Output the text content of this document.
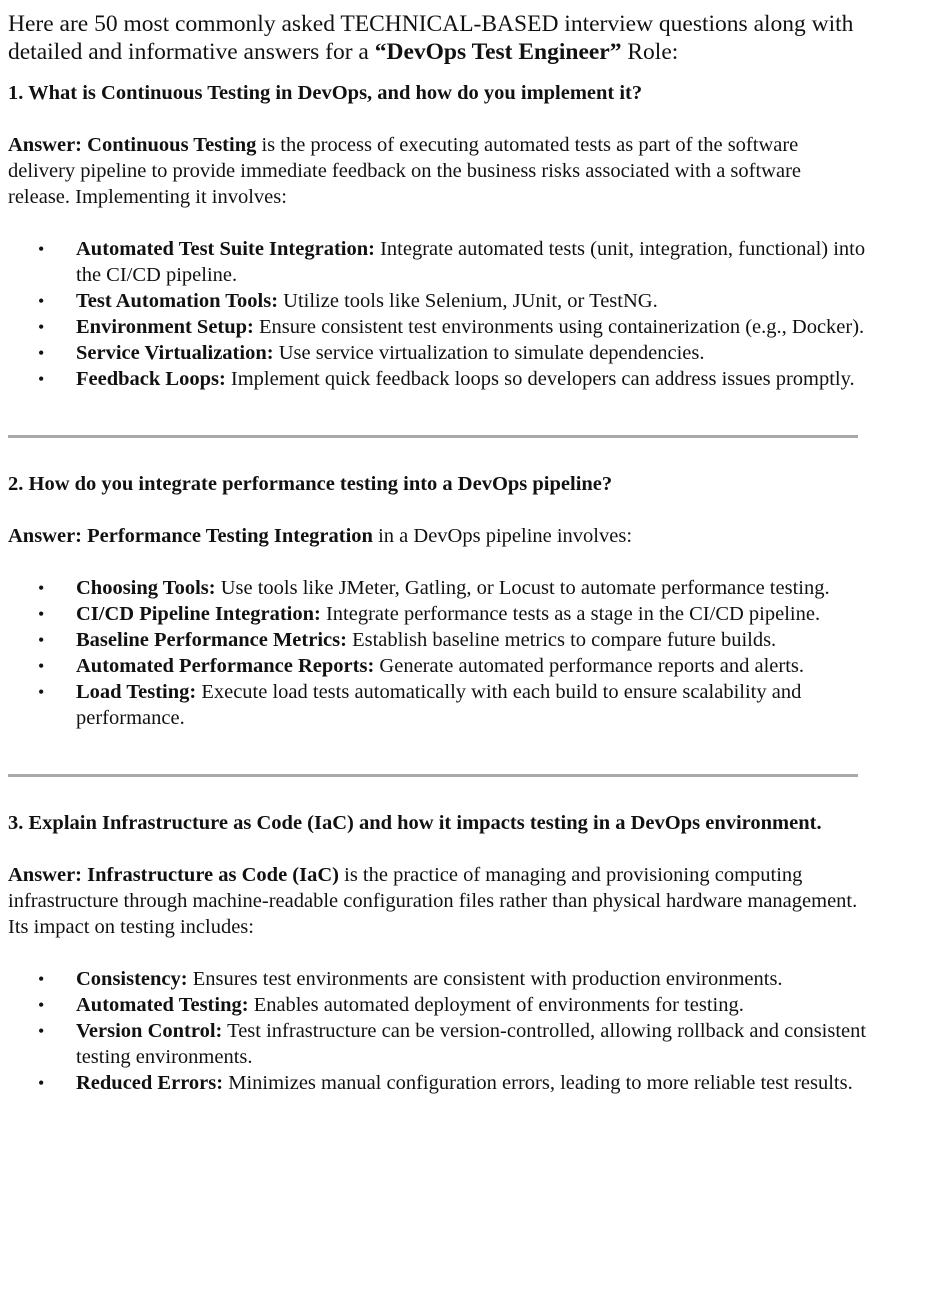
Here are 50 most commonly asked TECHNICAL-BASED interview questions along with detailed and informative answers for a “DevOps Test Engineer” Role:

1. What is Continuous Testing in DevOps, and how do you implement it?

Answer: Continuous Testing is the process of executing automated tests as part of the software delivery pipeline to provide immediate feedback on the business risks associated with a software release. Implementing it involves:

• Automated Test Suite Integration: Integrate automated tests (unit, integration, functional) into the CI/CD pipeline.
• Test Automation Tools: Utilize tools like Selenium, JUnit, or TestNG.
• Environment Setup: Ensure consistent test environments using containerization (e.g., Docker).
• Service Virtualization: Use service virtualization to simulate dependencies.
• Feedback Loops: Implement quick feedback loops so developers can address issues promptly.

2. How do you integrate performance testing into a DevOps pipeline?

Answer: Performance Testing Integration in a DevOps pipeline involves:

• Choosing Tools: Use tools like JMeter, Gatling, or Locust to automate performance testing.
• CI/CD Pipeline Integration: Integrate performance tests as a stage in the CI/CD pipeline.
• Baseline Performance Metrics: Establish baseline metrics to compare future builds.
• Automated Performance Reports: Generate automated performance reports and alerts.
• Load Testing: Execute load tests automatically with each build to ensure scalability and performance.

3. Explain Infrastructure as Code (IaC) and how it impacts testing in a DevOps environment.

Answer: Infrastructure as Code (IaC) is the practice of managing and provisioning computing infrastructure through machine-readable configuration files rather than physical hardware management. Its impact on testing includes:

• Consistency: Ensures test environments are consistent with production environments.
• Automated Testing: Enables automated deployment of environments for testing.
• Version Control: Test infrastructure can be version-controlled, allowing rollback and consistent testing environments.
• Reduced Errors: Minimizes manual configuration errors, leading to more reliable test results.
